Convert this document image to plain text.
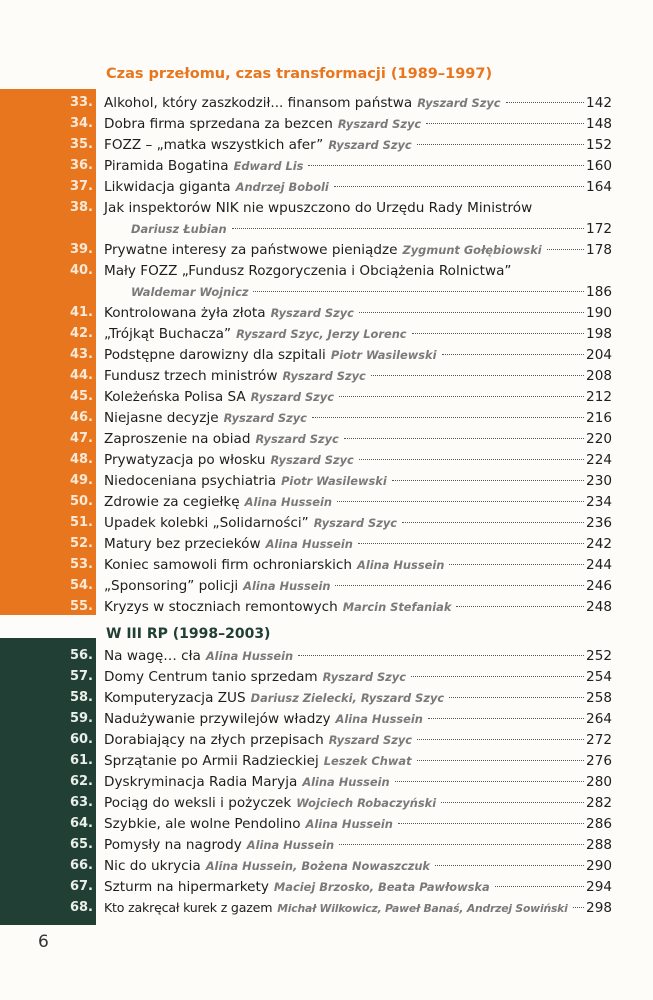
Czas przełomu, czas transformacji (1989–1997)
W III RP (1998–2003)
33. Alkohol, który zaszkodził... finansom państwa Ryszard Szyc	142
34. Dobra firma sprzedana za bezcen Ryszard Szyc	148
35. FOZZ – „matka wszystkich afer” Ryszard Szyc	152
36. Piramida Bogatina Edward Lis	160
37. Likwidacja giganta Andrzej Boboli	164
38. Jak inspektorów NIK nie wpuszczono do Urzędu Rady Ministrów
Dariusz Łubian	172
39. Prywatne interesy za państwowe pieniądze Zygmunt Gołębiowski	178
40. Mały FOZZ „Fundusz Rozgoryczenia i Obciążenia Rolnictwa”
Waldemar Wojnicz	186
41. Kontrolowana żyła złota Ryszard Szyc	190
42. „Trójkąt Buchacza” Ryszard Szyc, Jerzy Lorenc	198
43. Podstępne darowizny dla szpitali Piotr Wasilewski	204
44. Fundusz trzech ministrów Ryszard Szyc	208
45. Koleżeńska Polisa SA Ryszard Szyc	212
46. Niejasne decyzje Ryszard Szyc	216
47. Zaproszenie na obiad Ryszard Szyc	220
48. Prywatyzacja po włosku Ryszard Szyc	224
49. Niedoceniana psychiatria Piotr Wasilewski	230
50. Zdrowie za cegiełkę Alina Hussein	234
51. Upadek kolebki „Solidarności” Ryszard Szyc	236
52. Matury bez przecieków Alina Hussein	242
53. Koniec samowoli firm ochroniarskich Alina Hussein	244
54. „Sponsoring” policji Alina Hussein	246
55. Kryzys w stoczniach remontowych Marcin Stefaniak	248
56. Na wagę… cła Alina Hussein	252
57. Domy Centrum tanio sprzedam Ryszard Szyc	254
58. Komputeryzacja ZUS Dariusz Zielecki, Ryszard Szyc	258
59. Nadużywanie przywilejów władzy Alina Hussein	264
60. Dorabiający na złych przepisach Ryszard Szyc	272
61. Sprzątanie po Armii Radzieckiej Leszek Chwat	276
62. Dyskryminacja Radia Maryja Alina Hussein	280
63. Pociąg do weksli i pożyczek Wojciech Robaczyński	282
64. Szybkie, ale wolne Pendolino Alina Hussein	286
65. Pomysły na nagrody Alina Hussein	288
66. Nic do ukrycia Alina Hussein, Bożena Nowaszczuk	290
67. Szturm na hipermarkety Maciej Brzosko, Beata Pawłowska	294
68. Kto zakręcał kurek z gazem Michał Wilkowicz, Paweł Banaś, Andrzej Sowiński 298
6
